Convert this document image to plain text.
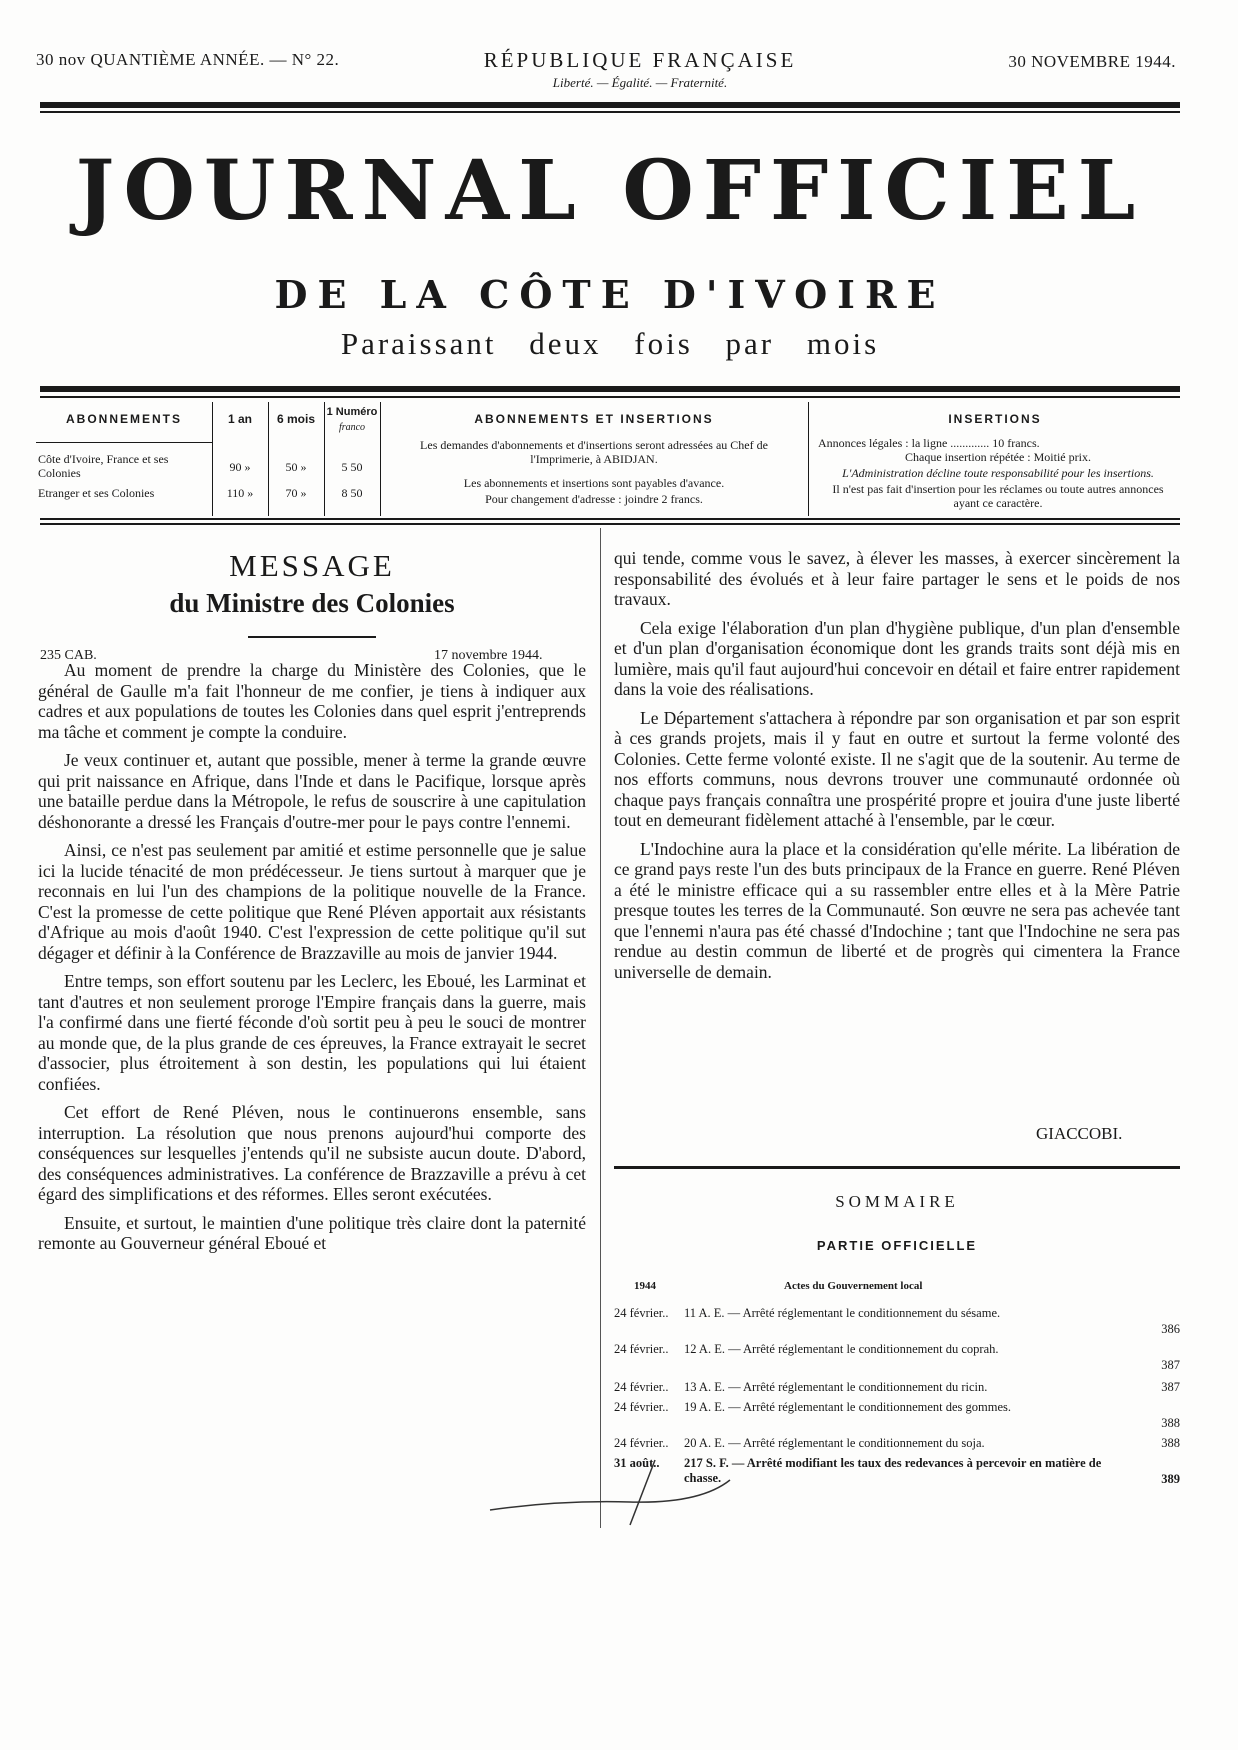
30 nov QUANTIÈME ANNÉE. — N° 22.	RÉPUBLIQUE FRANÇAISE
Liberté. — Égalité. — Fraternité.
30 NOVEMBRE 1944.
JOURNAL OFFICIEL
DE LA CÔTE D'IVOIRE
Paraissant deux fois par mois
ABONNEMENTS	1 an	6 mois	1 Numéro
franco
Côte d'Ivoire, France et ses Colonies	90 »	50 »	5 50
Etranger et ses Colonies	110 »	70 »	8 50
ABONNEMENTS ET INSERTIONS
Les demandes d'abonnements et d'insertions seront adressées au Chef de l'Imprimerie, à ABIDJAN.
Les abonnements et insertions sont payables d'avance.
Pour changement d'adresse : joindre 2 francs.
INSERTIONS
Annonces légales : la ligne ............. 10 francs.
Chaque insertion répétée : Moitié prix.
L'Administration décline toute responsabilité pour les insertions.
Il n'est pas fait d'insertion pour les réclames ou toute autres annonces ayant ce caractère.
MESSAGE
du Ministre des Colonies
235 CAB.	17 novembre 1944.

Au moment de prendre la charge du Ministère des Colonies, que le général de Gaulle m'a fait l'honneur de me confier, je tiens à indiquer aux cadres et aux populations de toutes les Colonies dans quel esprit j'entreprends ma tâche et comment je compte la conduire.

Je veux continuer et, autant que possible, mener à terme la grande œuvre qui prit naissance en Afrique, dans l'Inde et dans le Pacifique, lorsque après une bataille perdue dans la Métropole, le refus de souscrire à une capitulation déshonorante a dressé les Français d'outre-mer pour le pays contre l'ennemi.

Ainsi, ce n'est pas seulement par amitié et estime personnelle que je salue ici la lucide ténacité de mon prédécesseur. Je tiens surtout à marquer que je reconnais en lui l'un des champions de la politique nouvelle de la France. C'est la promesse de cette politique que René Pléven apportait aux résistants d'Afrique au mois d'août 1940. C'est l'expression de cette politique qu'il sut dégager et définir à la Conférence de Brazzaville au mois de janvier 1944.

Entre temps, son effort soutenu par les Leclerc, les Eboué, les Larminat et tant d'autres et non seulement proroge l'Empire français dans la guerre, mais l'a confirmé dans une fierté féconde d'où sortit peu à peu le souci de montrer au monde que, de la plus grande de ces épreuves, la France extrayait le secret d'associer, plus étroitement à son destin, les populations qui lui étaient confiées.

Cet effort de René Pléven, nous le continuerons ensemble, sans interruption. La résolution que nous prenons aujourd'hui comporte des conséquences sur lesquelles j'entends qu'il ne subsiste aucun doute. D'abord, des conséquences administratives. La conférence de Brazzaville a prévu à cet égard des simplifications et des réformes. Elles seront exécutées.

Ensuite, et surtout, le maintien d'une politique très claire dont la paternité remonte au Gouverneur général Eboué et

qui tende, comme vous le savez, à élever les masses, à exercer sincèrement la responsabilité des évolués et à leur faire partager le sens et le poids de nos travaux.

Cela exige l'élaboration d'un plan d'hygiène publique, d'un plan d'ensemble et d'un plan d'organisation économique dont les grands traits sont déjà mis en lumière, mais qu'il faut aujourd'hui concevoir en détail et faire entrer rapidement dans la voie des réalisations.

Le Département s'attachera à répondre par son organisation et par son esprit à ces grands projets, mais il y faut en outre et surtout la ferme volonté des Colonies. Cette ferme volonté existe. Il ne s'agit que de la soutenir. Au terme de nos efforts communs, nous devrons trouver une communauté ordonnée où chaque pays français connaîtra une prospérité propre et jouira d'une juste liberté tout en demeurant fidèlement attaché à l'ensemble, par le cœur.

L'Indochine aura la place et la considération qu'elle mérite. La libération de ce grand pays reste l'un des buts principaux de la France en guerre. René Pléven a été le ministre efficace qui a su rassembler entre elles et à la Mère Patrie presque toutes les terres de la Communauté. Son œuvre ne sera pas achevée tant que l'ennemi n'aura pas été chassé d'Indochine ; tant que l'Indochine ne sera pas rendue au destin commun de liberté et de progrès qui cimentera la France universelle de demain.

GIACCOBI.
SOMMAIRE
PARTIE OFFICIELLE
1944	Actes du Gouvernement local
24 février..	11 A. E. — Arrêté réglementant le conditionnement du sésame.
386
24 février..	12 A. E. — Arrêté réglementant le conditionnement du coprah.
387
24 février..	13 A. E. — Arrêté réglementant le conditionnement du ricin.	387
24 février..	19 A. E. — Arrêté réglementant le conditionnement des gommes.
388
24 février..	20 A. E. — Arrêté réglementant le conditionnement du soja.	388
31 août..	217 S. F. — Arrêté modifiant les taux des redevances à percevoir en matière de chasse.	389
